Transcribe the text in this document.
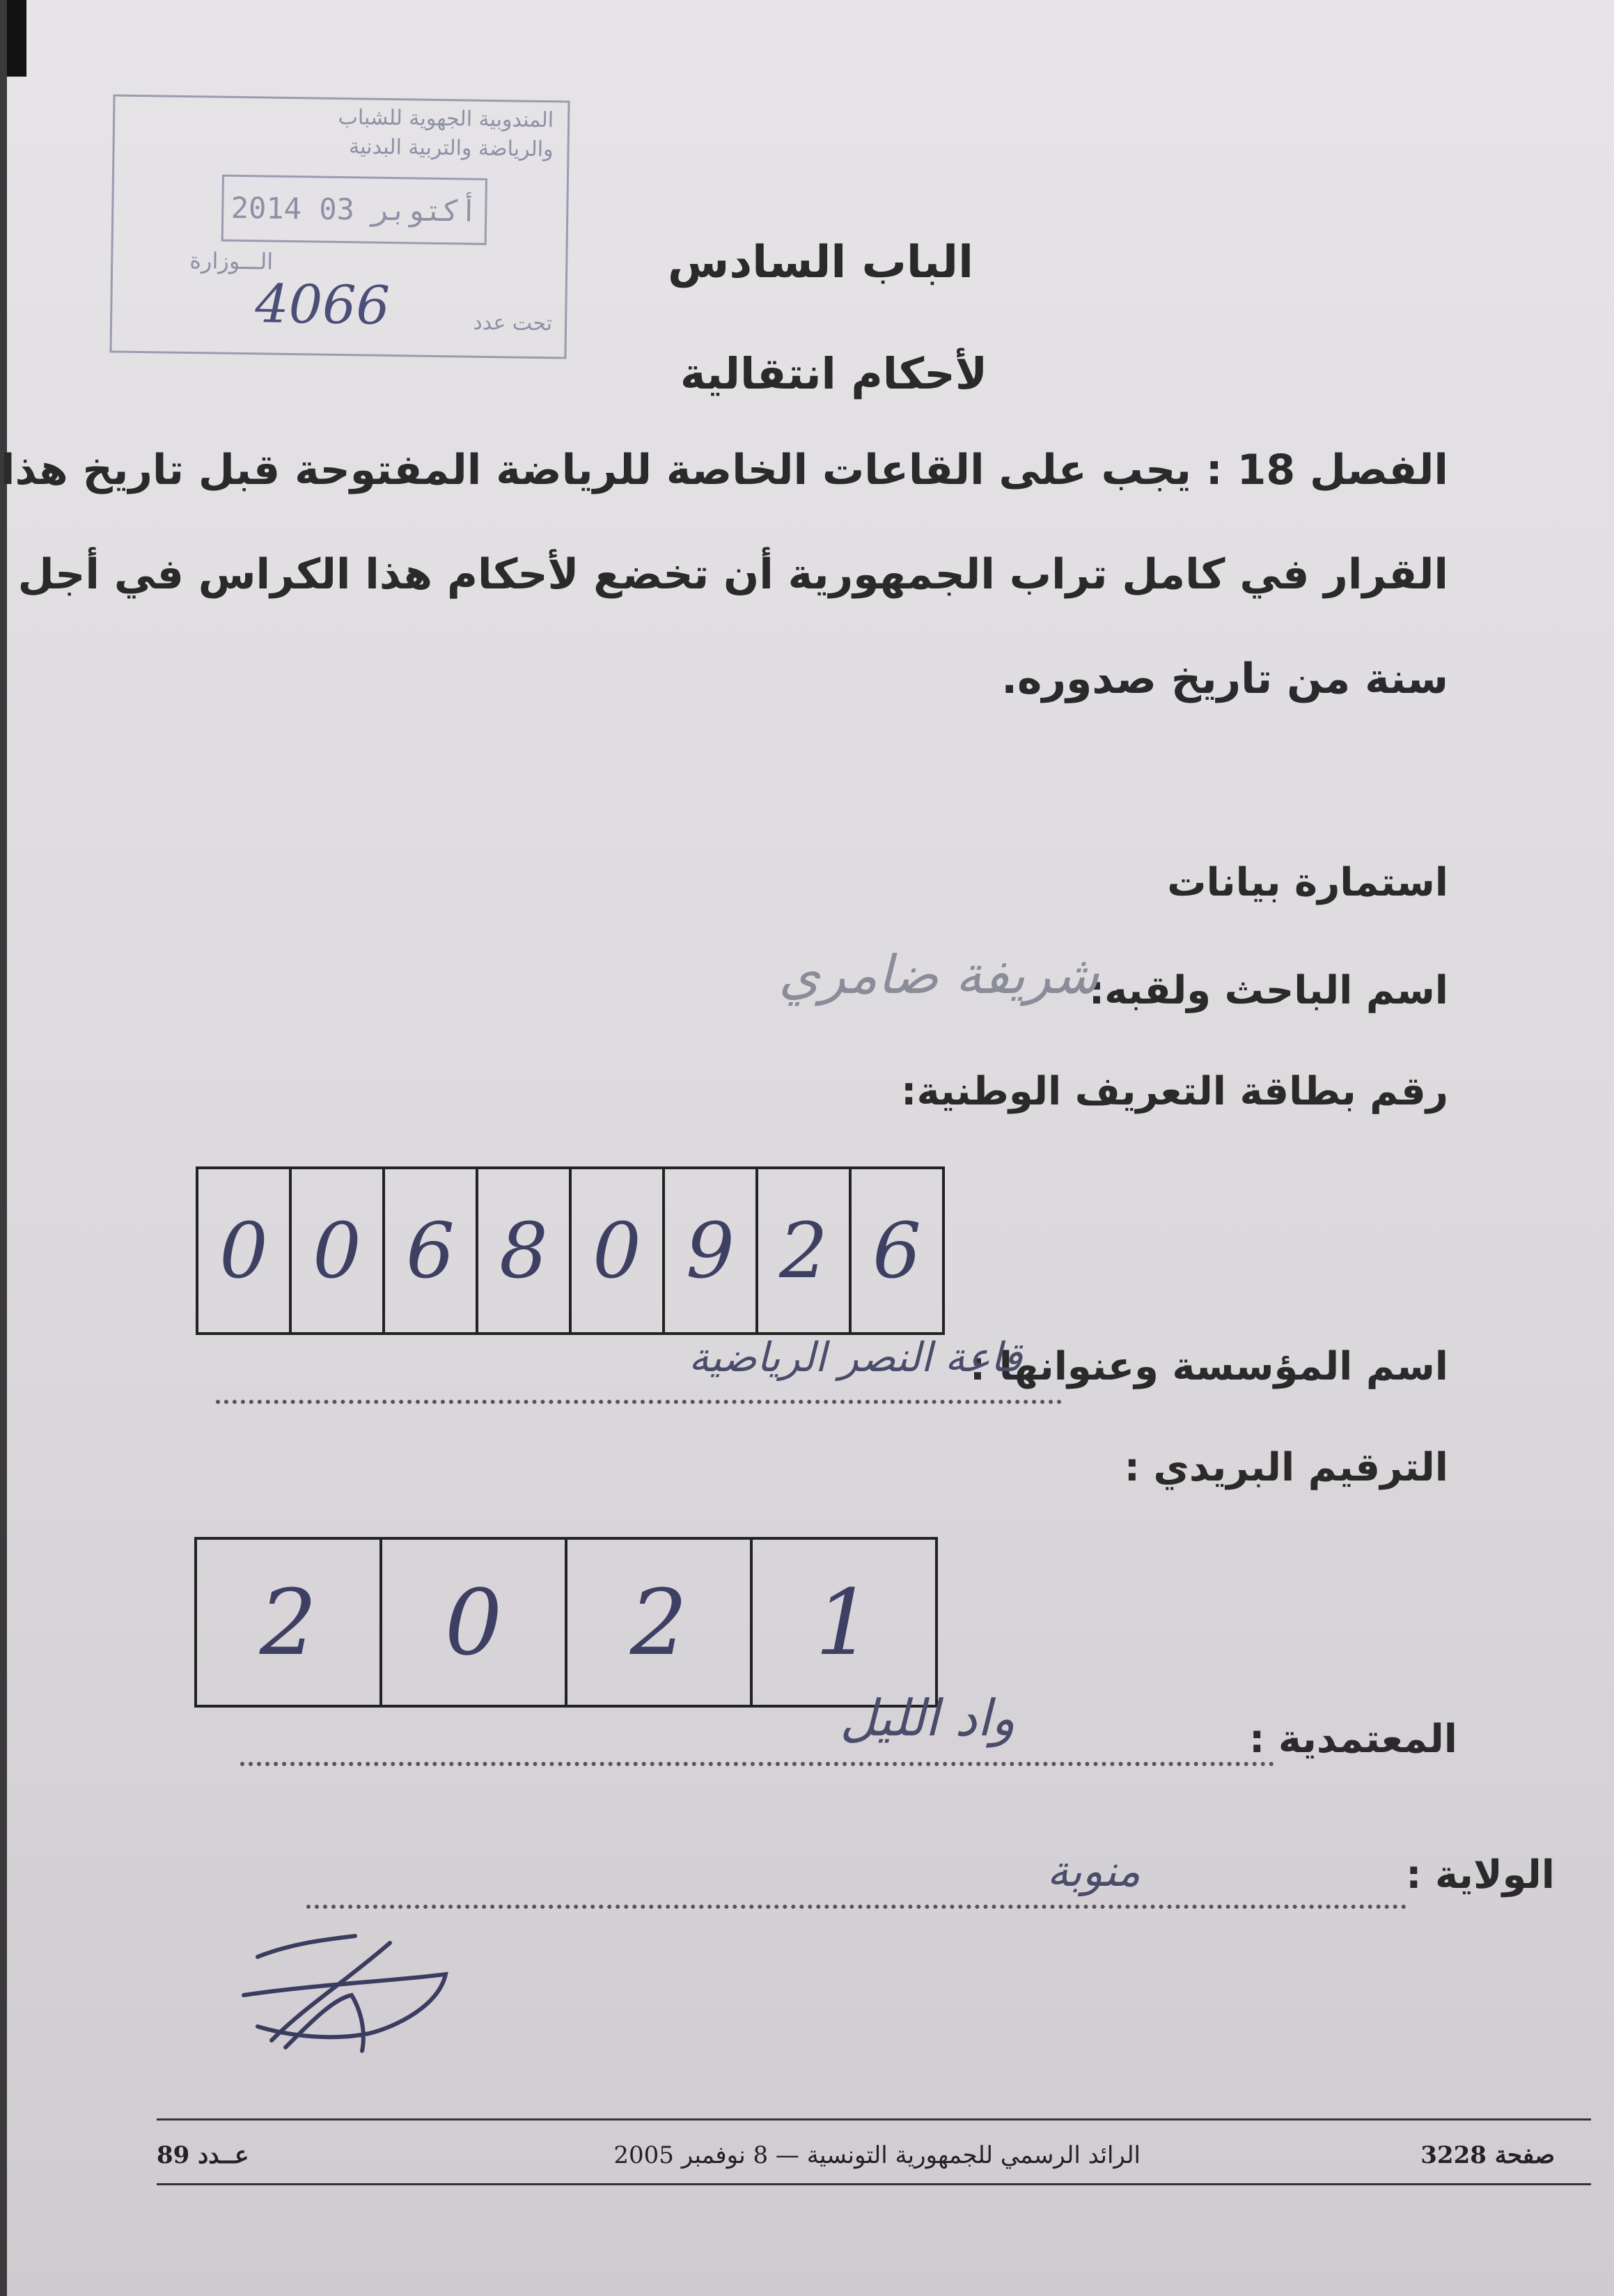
المندوبية الجهوية للشباب
والرياضة والتربية البدنية
2014 أكتوبر 03
الـــوزارة
تحت عدد
4066
الباب السادس
لأحكام انتقالية
الفصل 18 : يجب على القاعات الخاصة للرياضة المفتوحة قبل تاريخ هذا
القرار في كامل تراب الجمهورية أن تخضع لأحكام هذا الكراس في أجل
سنة من تاريخ صدوره.
استمارة بيانات
اسم الباحث ولقبه:
شريفة ضامري
رقم بطاقة التعريف الوطنية:
0 0 6 8 0 9 2 6
اسم المؤسسة وعنوانها :
قاعة النصر الرياضية
الترقيم البريدي :
2	0	2	1
المعتمدية :
واد الليل
الولاية :
منوبة
صفحة 3228
الرائد الرسمي للجمهورية التونسية — 8 نوفمبر 2005
عــدد 89
